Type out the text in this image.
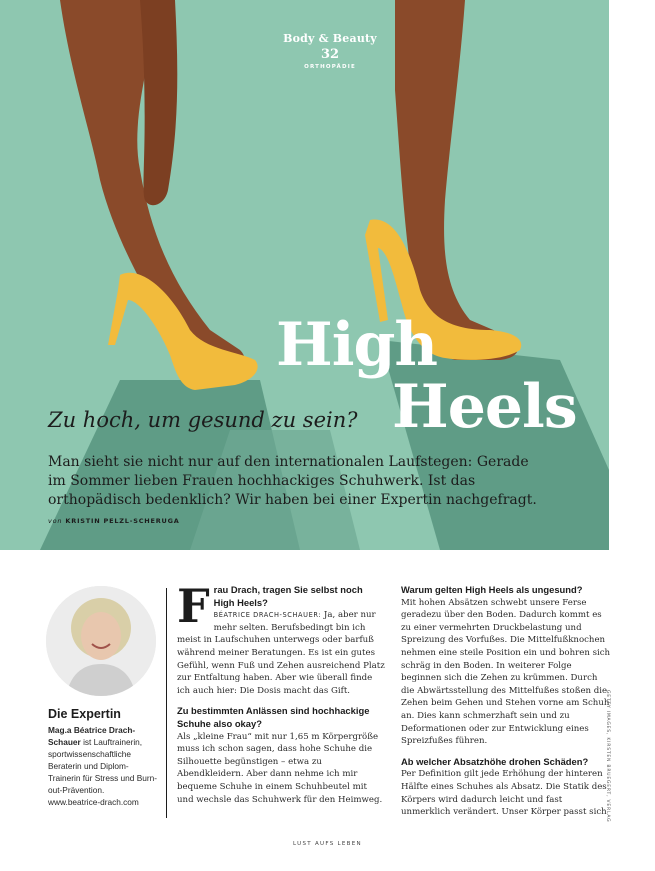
Body & Beauty
32
ORTHOPÄDIE
High
Heels
Zu hoch, um gesund zu sein?
Man sieht sie nicht nur auf den internationalen Laufstegen: Gerade im Sommer lieben Frauen hochhackiges Schuhwerk. Ist das orthopädisch bedenklich? Wir haben bei einer Expertin nachgefragt.
von KRISTIN PELZL-SCHERUGA
Die Expertin
Mag.a Béatrice Drach-Schauer ist Lauftrainerin, sportwissenschaftliche Beraterin und Diplom-Trainerin für Stress und Burn-out-Prävention.
www.beatrice-drach.com
F rau Drach, tragen Sie selbst noch High Heels?

BÉATRICE DRACH-SCHAUER: Ja, aber nur mehr selten. Berufsbedingt bin ich meist in Laufschuhen unterwegs oder barfuß während meiner Beratungen. Es ist ein gutes Gefühl, wenn Fuß und Zehen ausreichend Platz zur Entfaltung haben. Aber wie überall finde ich auch hier: Die Dosis macht das Gift.

Zu bestimmten Anlässen sind hochhackige Schuhe also okay?

Als „kleine Frau“ mit nur 1,65 m Körpergröße muss ich schon sagen, dass hohe Schuhe die Silhouette begünstigen – etwa zu Abendkleidern. Aber dann nehme ich mir bequeme Schuhe in einem Schuhbeutel mit und wechsle das Schuhwerk für den Heimweg.

Warum gelten High Heels als ungesund?

Mit hohen Absätzen schwebt unsere Ferse geradezu über den Boden. Dadurch kommt es zu einer vermehrten Druckbelastung und Spreizung des Vorfußes. Die Mittelfußknochen nehmen eine steile Position ein und bohren sich schräg in den Boden. In weiterer Folge beginnen sich die Zehen zu krümmen. Durch die Abwärtsstellung des Mittelfußes stoßen die Zehen beim Gehen und Stehen vorne am Schuh an. Dies kann schmerzhaft sein und zu Deformationen oder zur Entwicklung eines Spreizfußes führen.

Ab welcher Absatzhöhe drohen Schäden?

Per Definition gilt jede Erhöhung der hinteren Hälfte eines Schuhes als Absatz. Die Statik des Körpers wird dadurch leicht und fast unmerklich verändert. Unser Körper passt sich

GETTY IMAGES, KIRSTEN BRUEGERT, VERLAG
LUST AUFS LEBEN
